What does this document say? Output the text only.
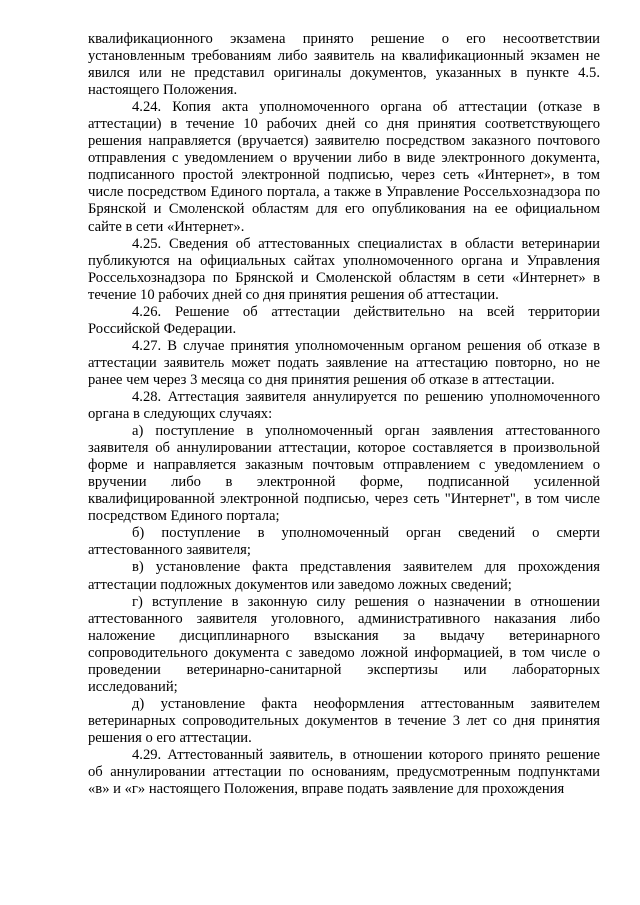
квалификационного экзамена принято решение о его несоответствии установленным требованиям либо заявитель на квалификационный экзамен не явился или не представил оригиналы документов, указанных в пункте 4.5. настоящего Положения.

4.24. Копия акта уполномоченного органа об аттестации (отказе в аттестации) в течение 10 рабочих дней со дня принятия соответствующего решения направляется (вручается) заявителю посредством заказного почтового отправления с уведомлением о вручении либо в виде электронного документа, подписанного простой электронной подписью, через сеть «Интернет», в том числе посредством Единого портала, а также в Управление Россельхознадзора по Брянской и Смоленской областям для его опубликования на ее официальном сайте в сети «Интернет».

4.25. Сведения об аттестованных специалистах в области ветеринарии публикуются на официальных сайтах уполномоченного органа и Управления Россельхознадзора по Брянской и Смоленской областям в сети «Интернет» в течение 10 рабочих дней со дня принятия решения об аттестации.

4.26. Решение об аттестации действительно на всей территории Российской Федерации.

4.27. В случае принятия уполномоченным органом решения об отказе в аттестации заявитель может подать заявление на аттестацию повторно, но не ранее чем через 3 месяца со дня принятия решения об отказе в аттестации.

4.28. Аттестация заявителя аннулируется по решению уполномоченного органа в следующих случаях:

а) поступление в уполномоченный орган заявления аттестованного заявителя об аннулировании аттестации, которое составляется в произвольной форме и направляется заказным почтовым отправлением с уведомлением о вручении либо в электронной форме, подписанной усиленной квалифицированной электронной подписью, через сеть "Интернет", в том числе посредством Единого портала;

б) поступление в уполномоченный орган сведений о смерти аттестованного заявителя;

в) установление факта представления заявителем для прохождения аттестации подложных документов или заведомо ложных сведений;

г) вступление в законную силу решения о назначении в отношении аттестованного заявителя уголовного, административного наказания либо наложение дисциплинарного взыскания за выдачу ветеринарного сопроводительного документа с заведомо ложной информацией, в том числе о проведении ветеринарно-санитарной экспертизы или лабораторных исследований;

д) установление факта неоформления аттестованным заявителем ветеринарных сопроводительных документов в течение 3 лет со дня принятия решения о его аттестации.

4.29. Аттестованный заявитель, в отношении которого принято решение об аннулировании аттестации по основаниям, предусмотренным подпунктами «в» и «г» настоящего Положения, вправе подать заявление для прохождения
